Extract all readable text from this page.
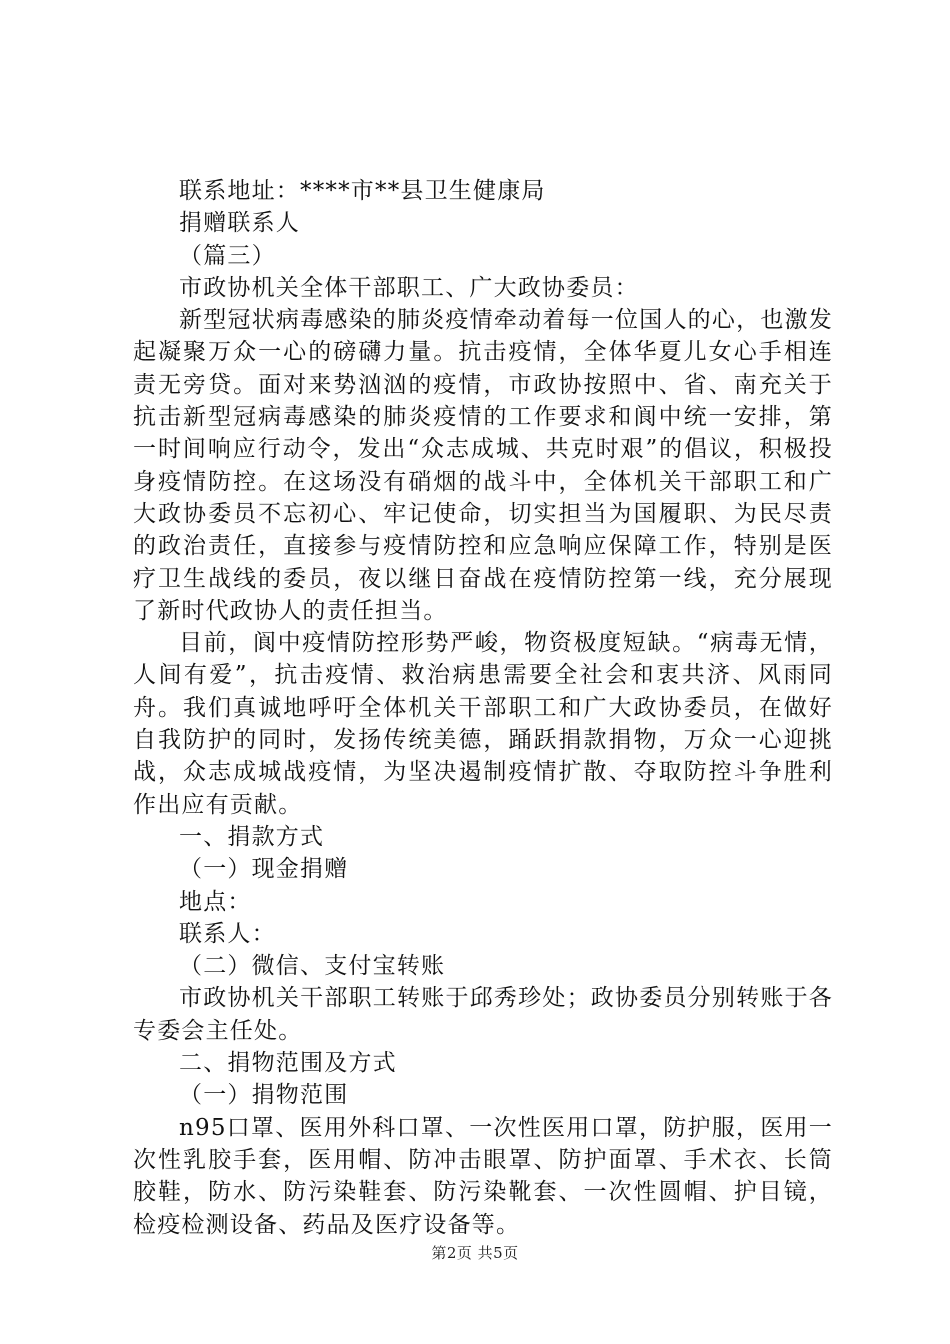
联系地址：****市**县卫生健康局

捐赠联系人

（篇三）

市政协机关全体干部职工、广大政协委员：

新型冠状病毒感染的肺炎疫情牵动着每一位国人的心，也激发起凝聚万众一心的磅礴力量。抗击疫情，全体华夏儿女心手相连责无旁贷。面对来势汹汹的疫情，市政协按照中、省、南充关于抗击新型冠病毒感染的肺炎疫情的工作要求和阆中统一安排，第一时间响应行动令，发出“众志成城、共克时艰”的倡议，积极投身疫情防控。在这场没有硝烟的战斗中，全体机关干部职工和广大政协委员不忘初心、牢记使命，切实担当为国履职、为民尽责的政治责任，直接参与疫情防控和应急响应保障工作，特别是医疗卫生战线的委员，夜以继日奋战在疫情防控第一线，充分展现了新时代政协人的责任担当。

目前，阆中疫情防控形势严峻，物资极度短缺。“病毒无情，人间有爱”，抗击疫情、救治病患需要全社会和衷共济、风雨同舟。我们真诚地呼吁全体机关干部职工和广大政协委员，在做好自我防护的同时，发扬传统美德，踊跃捐款捐物，万众一心迎挑战，众志成城战疫情，为坚决遏制疫情扩散、夺取防控斗争胜利作出应有贡献。

一、捐款方式

（一）现金捐赠

地点：

联系人：

（二）微信、支付宝转账

市政协机关干部职工转账于邱秀珍处；政协委员分别转账于各专委会主任处。

二、捐物范围及方式

（一）捐物范围

n95口罩、医用外科口罩、一次性医用口罩，防护服，医用一次性乳胶手套，医用帽、防冲击眼罩、防护面罩、手术衣、长筒胶鞋，防水、防污染鞋套、防污染靴套、一次性圆帽、护目镜，检疫检测设备、药品及医疗设备等。

第2页 共5页
